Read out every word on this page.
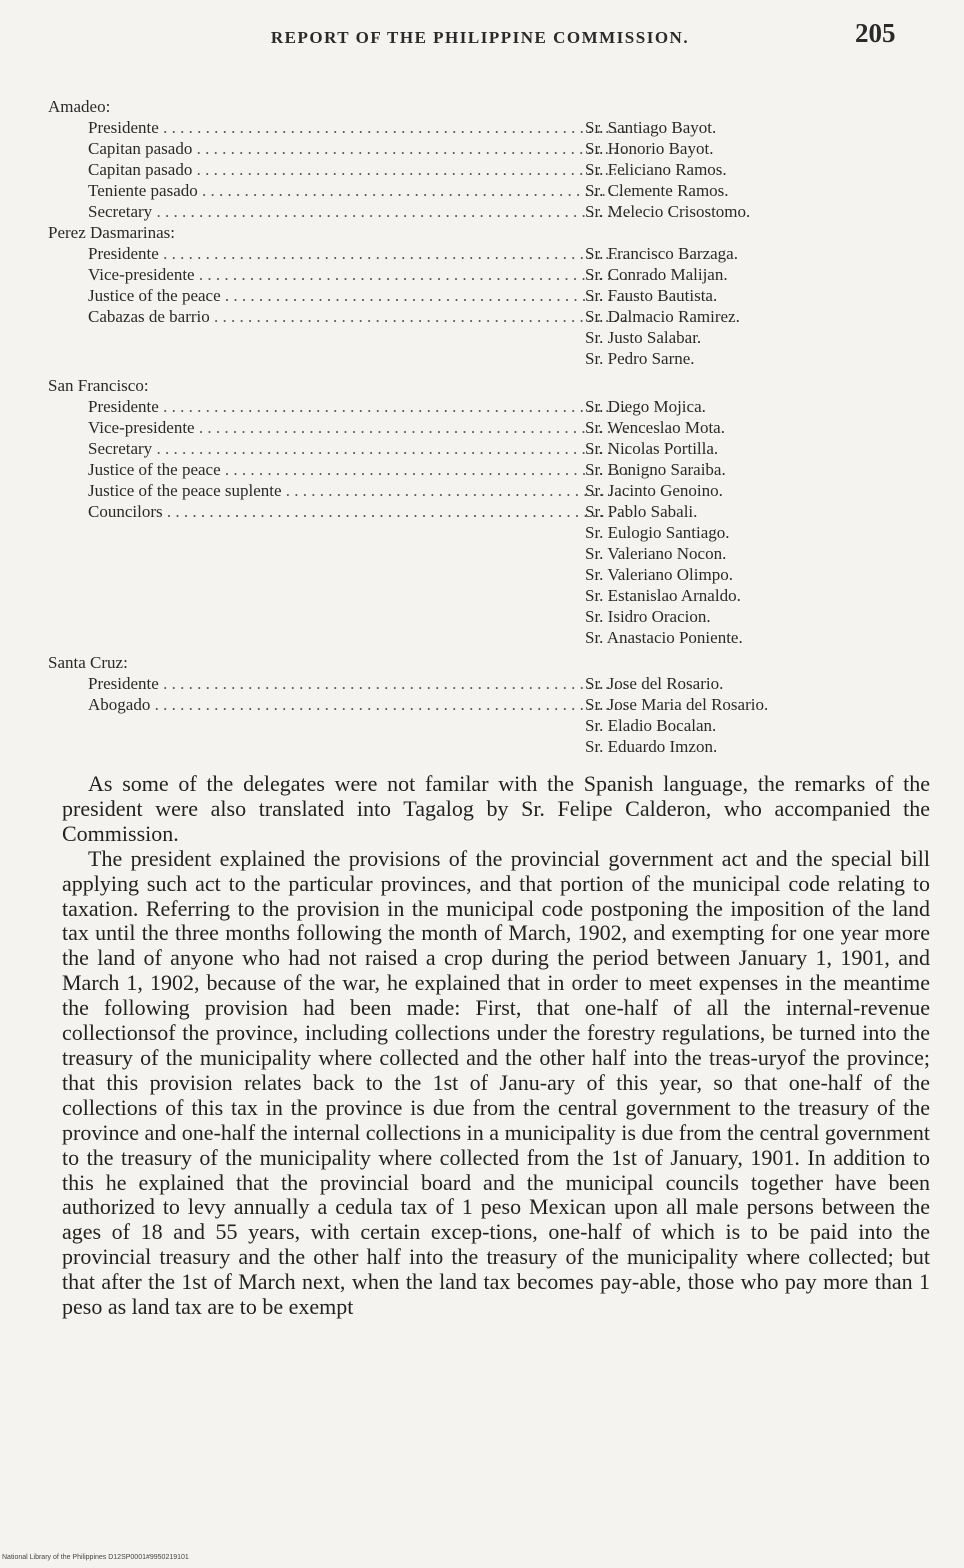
REPORT OF THE PHILIPPINE COMMISSION.	205
Amadeo:
Presidente . . .	Sr. Santiago Bayot.
Capitan pasado . . .	Sr. Honorio Bayot.
Capitan pasado . . .	Sr. Feliciano Ramos.
Teniente pasado . . .	Sr. Clemente Ramos.
Secretary . . .	Sr. Melecio Crisostomo.
Perez Dasmarinas:
Presidente . . .	Sr. Francisco Barzaga.
Vice-presidente . . .	Sr. Conrado Malijan.
Justice of the peace . . .	Sr. Fausto Bautista.
Cabazas de barrio . . .	Sr. Dalmacio Ramirez.
Sr. Justo Salabar.
Sr. Pedro Sarne.
San Francisco:
Presidente . . .	Sr. Diego Mojica.
Vice-presidente . . .	Sr. Wenceslao Mota.
Secretary . . .	Sr. Nicolas Portilla.
Justice of the peace . . .	Sr. Bonigno Saraiba.
Justice of the peace suplente . . .	Sr. Jacinto Genoino.
Councilors . . .	Sr. Pablo Sabali.
Sr. Eulogio Santiago.
Sr. Valeriano Nocon.
Sr. Valeriano Olimpo.
Sr. Estanislao Arnaldo.
Sr. Isidro Oracion.
Sr. Anastacio Poniente.
Santa Cruz:
Presidente . . .	Sr. Jose del Rosario.
Abogado . . .	Sr. Jose Maria del Rosario.
Sr. Eladio Bocalan.
Sr. Eduardo Imzon.

As some of the delegates were not familar with the Spanish language, the remarks of the president were also translated into Tagalog by Sr. Felipe Calderon, who accompanied the Commission.

The president explained the provisions of the provincial government act and the special bill applying such act to the particular provinces, and that portion of the municipal code relating to taxation. Referring to the provision in the municipal code postponing the imposition of the land tax until the three months following the month of March, 1902, and exempting for one year more the land of anyone who had not raised a crop during the period between January 1, 1901, and March 1, 1902, because of the war, he explained that in order to meet expenses in the meantime the following provision had been made: First, that one-half of all the internal-revenue collectionsof the province, including collections under the forestry regulations, be turned into the treasury of the municipality where collected and the other half into the treas-uryof the province; that this provision relates back to the 1st of Janu-ary of this year, so that one-half of the collections of this tax in the province is due from the central government to the treasury of the province and one-half the internal collections in a municipality is due from the central government to the treasury of the municipality where collected from the 1st of January, 1901. In addition to this he explained that the provincial board and the municipal councils together have been authorized to levy annually a cedula tax of 1 peso Mexican upon all male persons between the ages of 18 and 55 years, with certain excep-tions, one-half of which is to be paid into the provincial treasury and the other half into the treasury of the municipality where collected; but that after the 1st of March next, when the land tax becomes pay-able, those who pay more than 1 peso as land tax are to be exempt

National Library of the Philippines D12SP0001#9950219101
